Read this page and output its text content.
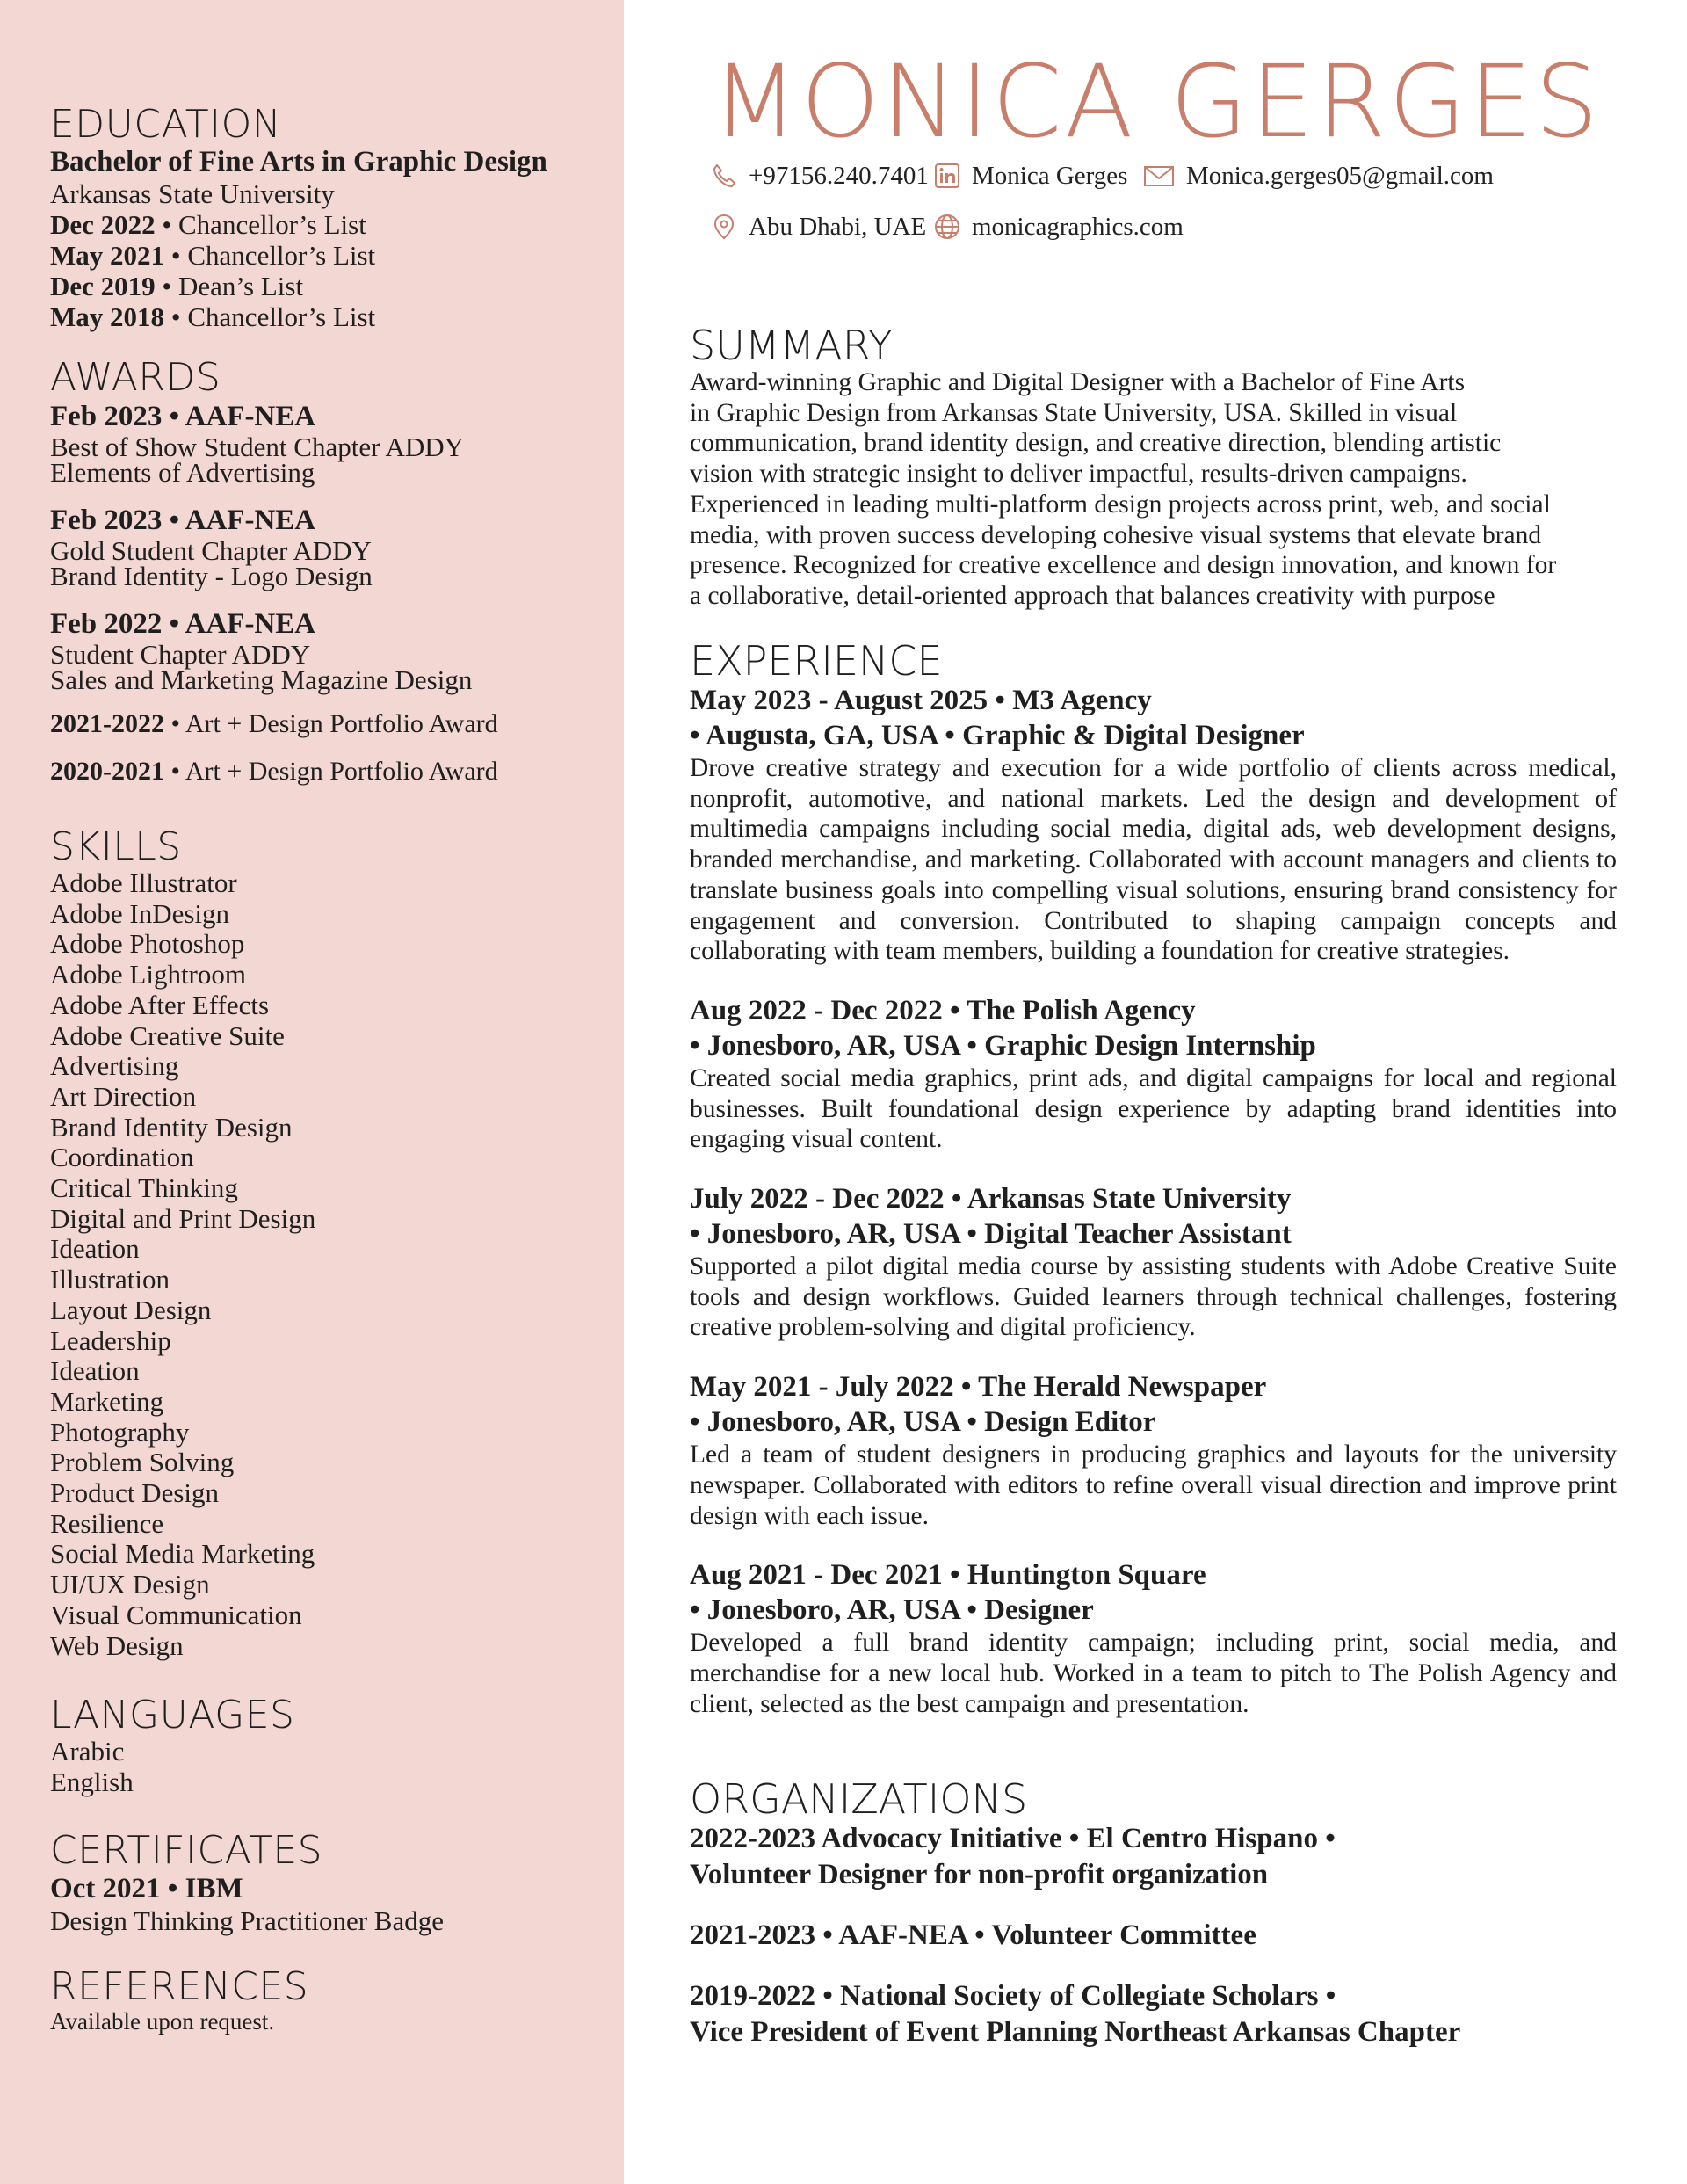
EDUCATION
Bachelor of Fine Arts in Graphic Design
Arkansas State University
Dec 2022 • Chancellor’s List
May 2021 • Chancellor’s List
Dec 2019 • Dean’s List
May 2018 • Chancellor’s List
AWARDS
Feb 2023 • AAF-NEA
Best of Show Student Chapter ADDY
Elements of Advertising
Feb 2023 • AAF-NEA
Gold Student Chapter ADDY
Brand Identity - Logo Design
Feb 2022 • AAF-NEA
Student Chapter ADDY
Sales and Marketing Magazine Design
2021-2022 • Art + Design Portfolio Award
2020-2021 • Art + Design Portfolio Award
SKILLS
Adobe Illustrator
Adobe InDesign
Adobe Photoshop
Adobe Lightroom
Adobe After Effects
Adobe Creative Suite
Advertising
Art Direction
Brand Identity Design
Coordination
Critical Thinking
Digital and Print Design
Ideation
Illustration
Layout Design
Leadership
Ideation
Marketing
Photography
Problem Solving
Product Design
Resilience
Social Media Marketing
UI/UX Design
Visual Communication
Web Design
LANGUAGES
Arabic
English
CERTIFICATES
Oct 2021 • IBM
Design Thinking Practitioner Badge
REFERENCES
Available upon request.
MONICA GERGES
+97156.240.7401 Monica Gerges Monica.gerges05@gmail.com
Abu Dhabi, UAE monicagraphics.com
SUMMARY
Award-winning Graphic and Digital Designer with a Bachelor of Fine Arts
in Graphic Design from Arkansas State University, USA. Skilled in visual
communication, brand identity design, and creative direction, blending artistic
vision with strategic insight to deliver impactful, results-driven campaigns.
Experienced in leading multi-platform design projects across print, web, and social
media, with proven success developing cohesive visual systems that elevate brand
presence. Recognized for creative excellence and design innovation, and known for
a collaborative, detail-oriented approach that balances creativity with purpose
EXPERIENCE
May 2023 - August 2025 • M3 Agency
• Augusta, GA, USA • Graphic & Digital Designer
Drove creative strategy and execution for a wide portfolio of clients across medical, nonprofit, automotive, and national markets. Led the design and development of multimedia campaigns including social media, digital ads, web development designs, branded merchandise, and marketing. Collaborated with account managers and clients to translate business goals into compelling visual solutions, ensuring brand consistency for engagement and conversion. Contributed to shaping campaign concepts and collaborating with team members, building a foundation for creative strategies.
Aug 2022 - Dec 2022 • The Polish Agency
• Jonesboro, AR, USA • Graphic Design Internship
Created social media graphics, print ads, and digital campaigns for local and regional businesses. Built foundational design experience by adapting brand identities into engaging visual content.
July 2022 - Dec 2022 • Arkansas State University
• Jonesboro, AR, USA • Digital Teacher Assistant
Supported a pilot digital media course by assisting students with Adobe Creative Suite tools and design workflows. Guided learners through technical challenges, fostering creative problem-solving and digital proficiency.
May 2021 - July 2022 • The Herald Newspaper
• Jonesboro, AR, USA • Design Editor
Led a team of student designers in producing graphics and layouts for the university newspaper. Collaborated with editors to refine overall visual direction and improve print design with each issue.
Aug 2021 - Dec 2021 • Huntington Square
• Jonesboro, AR, USA • Designer
Developed a full brand identity campaign; including print, social media, and merchandise for a new local hub. Worked in a team to pitch to The Polish Agency and client, selected as the best campaign and presentation.
ORGANIZATIONS
2022-2023 Advocacy Initiative • El Centro Hispano •
Volunteer Designer for non-profit organization
2021-2023 • AAF-NEA • Volunteer Committee
2019-2022 • National Society of Collegiate Scholars •
Vice President of Event Planning Northeast Arkansas Chapter
